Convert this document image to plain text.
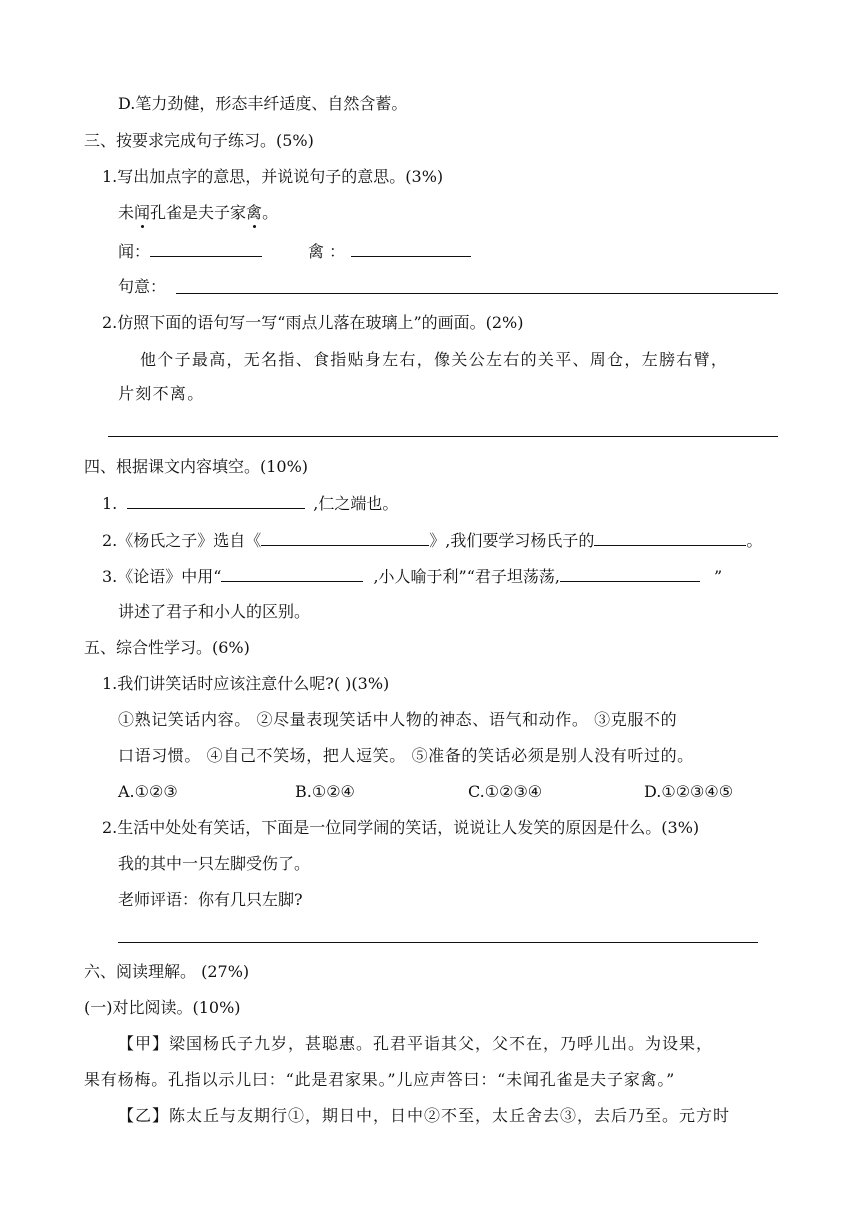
D.笔力劲健，形态丰纤适度、自然含蓄。
三、按要求完成句子练习。(5%)
1.写出加点字的意思，并说说句子的意思。(3%)
未闻孔雀是夫子家禽。
闻：	禽 ：
句意：
2.仿照下面的语句写一写“雨点儿落在玻璃上”的画面。(2%)
他个子最高，无名指、食指贴身左右，像关公左右的关平、周仓，左膀右臂，
片刻不离。
四、根据课文内容填空。(10%)
1.	,仁之端也。
2.《杨氏之子》选自《	》,我们要学习杨氏子的	。
3.《论语》中用“	,小人喻于利”“君子坦荡荡,	”
讲述了君子和小人的区别。
五、综合性学习。(6%)
1.我们讲笑话时应该注意什么呢?( )(3%)
①熟记笑话内容。 ②尽量表现笑话中人物的神态、语气和动作。 ③克服不的
口语习惯。 ④自己不笑场，把人逗笑。 ⑤准备的笑话必须是别人没有听过的。
A.①②③	B.①②④	C.①②③④	D.①②③④⑤
2.生活中处处有笑话，下面是一位同学闹的笑话，说说让人发笑的原因是什么。(3%)
我的其中一只左脚受伤了。
老师评语：你有几只左脚?
六、阅读理解。 (27%)
(一)对比阅读。(10%)
【甲】梁国杨氏子九岁，甚聪惠。孔君平诣其父，父不在，乃呼儿出。为设果，
果有杨梅。孔指以示儿曰：“此是君家果。”儿应声答曰：“未闻孔雀是夫子家禽。”
【乙】陈太丘与友期行①，期日中，日中②不至，太丘舍去③，去后乃至。元方时
